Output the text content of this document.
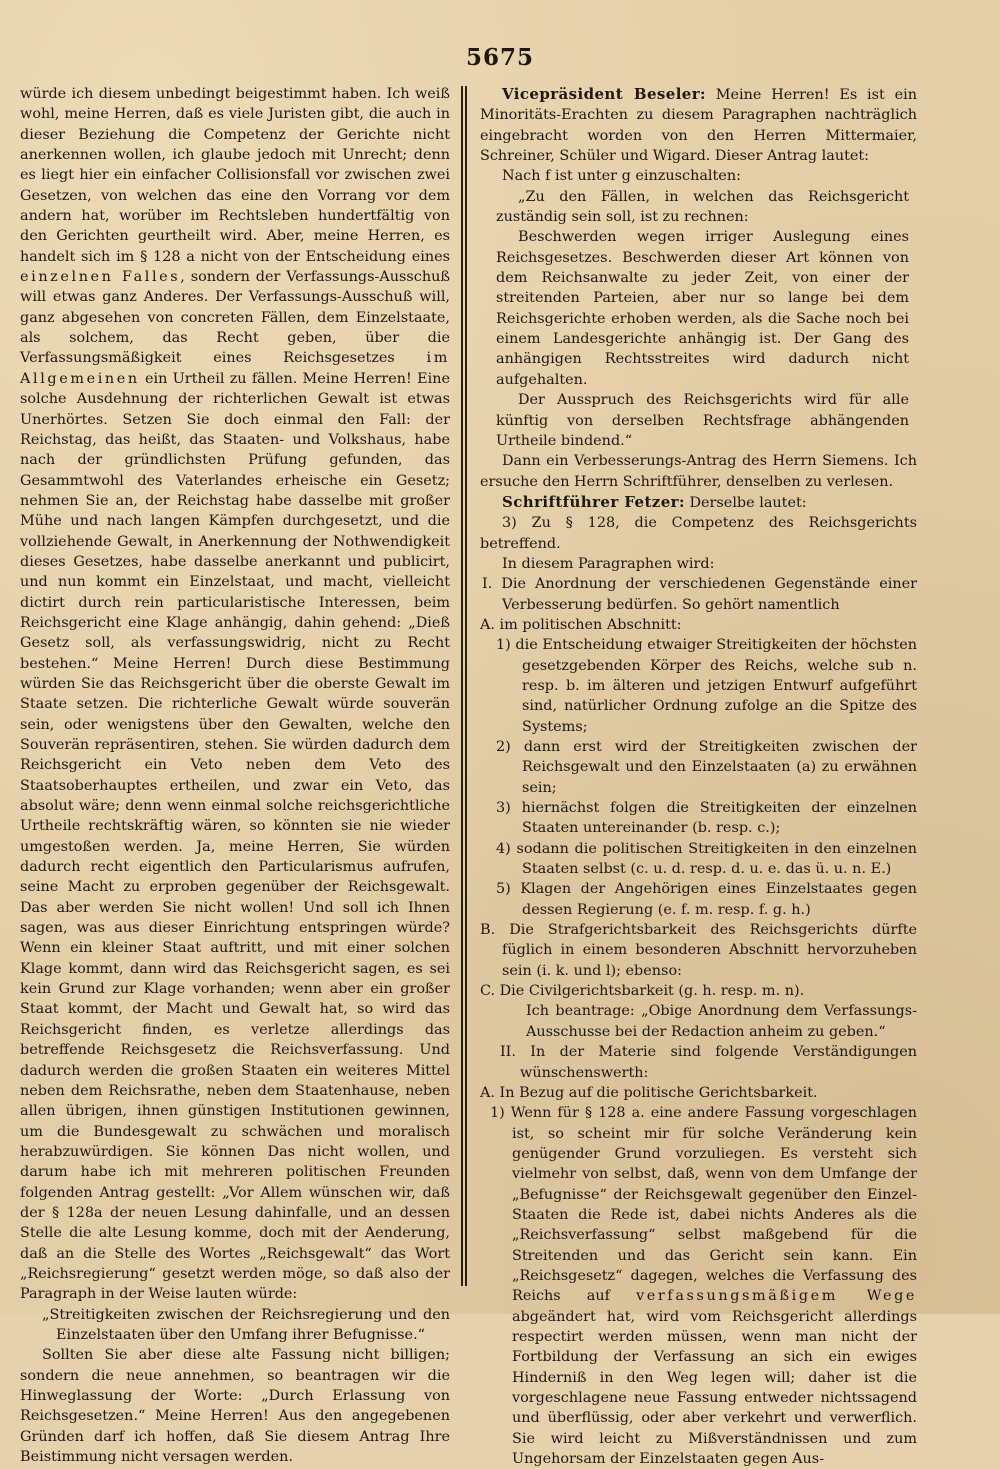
5675

würde ich diesem unbedingt beigestimmt haben. Ich weiß wohl, meine Herren, daß es viele Juristen gibt, die auch in dieser Beziehung die Competenz der Gerichte nicht anerkennen wollen, ich glaube jedoch mit Unrecht; denn es liegt hier ein einfacher Collisionsfall vor zwischen zwei Gesetzen, von welchen das eine den Vorrang vor dem andern hat, worüber im Rechtsleben hundertfältig von den Gerichten geurtheilt wird. Aber, meine Herren, es handelt sich im § 128 a nicht von der Entscheidung eines einzelnen Falles, sondern der Verfassungs-Ausschuß will etwas ganz Anderes. Der Verfassungs-Ausschuß will, ganz abgesehen von concreten Fällen, dem Einzelstaate, als solchem, das Recht geben, über die Verfassungsmäßigkeit eines Reichsgesetzes im Allgemeinen ein Urtheil zu fällen. Meine Herren! Eine solche Ausdehnung der richterlichen Gewalt ist etwas Unerhörtes. Setzen Sie doch einmal den Fall: der Reichstag, das heißt, das Staaten- und Volkshaus, habe nach der gründlichsten Prüfung gefunden, das Gesammtwohl des Vaterlandes erheische ein Gesetz; nehmen Sie an, der Reichstag habe dasselbe mit großer Mühe und nach langen Kämpfen durchgesetzt, und die vollziehende Gewalt, in Anerkennung der Nothwendigkeit dieses Gesetzes, habe dasselbe anerkannt und publicirt, und nun kommt ein Einzelstaat, und macht, vielleicht dictirt durch rein particularistische Interessen, beim Reichsgericht eine Klage anhängig, dahin gehend: „Dieß Gesetz soll, als verfassungswidrig, nicht zu Recht bestehen.“ Meine Herren! Durch diese Bestimmung würden Sie das Reichsgericht über die oberste Gewalt im Staate setzen. Die richterliche Gewalt würde souverän sein, oder wenigstens über den Gewalten, welche den Souverän repräsentiren, stehen. Sie würden dadurch dem Reichsgericht ein Veto neben dem Veto des Staatsoberhauptes ertheilen, und zwar ein Veto, das absolut wäre; denn wenn einmal solche reichsgerichtliche Urtheile rechtskräftig wären, so könnten sie nie wieder umgestoßen werden. Ja, meine Herren, Sie würden dadurch recht eigentlich den Particularismus aufrufen, seine Macht zu erproben gegenüber der Reichsgewalt. Das aber werden Sie nicht wollen! Und soll ich Ihnen sagen, was aus dieser Einrichtung entspringen würde? Wenn ein kleiner Staat auftritt, und mit einer solchen Klage kommt, dann wird das Reichsgericht sagen, es sei kein Grund zur Klage vorhanden; wenn aber ein großer Staat kommt, der Macht und Gewalt hat, so wird das Reichsgericht finden, es verletze allerdings das betreffende Reichsgesetz die Reichsverfassung. Und dadurch werden die großen Staaten ein weiteres Mittel neben dem Reichsrathe, neben dem Staatenhause, neben allen übrigen, ihnen günstigen Institutionen gewinnen, um die Bundesgewalt zu schwächen und moralisch herabzuwürdigen. Sie können Das nicht wollen, und darum habe ich mit mehreren politischen Freunden folgenden Antrag gestellt: „Vor Allem wünschen wir, daß der § 128a der neuen Lesung dahinfalle, und an dessen Stelle die alte Lesung komme, doch mit der Aenderung, daß an die Stelle des Wortes „Reichsgewalt“ das Wort „Reichsregierung“ gesetzt werden möge, so daß also der Paragraph in der Weise lauten würde:

„Streitigkeiten zwischen der Reichsregierung und den Einzelstaaten über den Umfang ihrer Befugnisse.“

Sollten Sie aber diese alte Fassung nicht billigen; sondern die neue annehmen, so beantragen wir die Hinweglassung der Worte: „Durch Erlassung von Reichsgesetzen.“ Meine Herren! Aus den angegebenen Gründen darf ich hoffen, daß Sie diesem Antrag Ihre Beistimmung nicht versagen werden.

Vicepräsident Beseler: Meine Herren! Es ist ein Minoritäts-Erachten zu diesem Paragraphen nachträglich eingebracht worden von den Herren Mittermaier, Schreiner, Schüler und Wigard. Dieser Antrag lautet:

Nach f ist unter g einzuschalten:

„Zu den Fällen, in welchen das Reichsgericht zuständig sein soll, ist zu rechnen:

Beschwerden wegen irriger Auslegung eines Reichsgesetzes. Beschwerden dieser Art können von dem Reichsanwalte zu jeder Zeit, von einer der streitenden Parteien, aber nur so lange bei dem Reichsgerichte erhoben werden, als die Sache noch bei einem Landesgerichte anhängig ist. Der Gang des anhängigen Rechtsstreites wird dadurch nicht aufgehalten.

Der Ausspruch des Reichsgerichts wird für alle künftig von derselben Rechtsfrage abhängenden Urtheile bindend.“

Dann ein Verbesserungs-Antrag des Herrn Siemens. Ich ersuche den Herrn Schriftführer, denselben zu verlesen.

Schriftführer Fetzer: Derselbe lautet:

3) Zu § 128, die Competenz des Reichsgerichts betreffend.

In diesem Paragraphen wird:

I. Die Anordnung der verschiedenen Gegenstände einer Verbesserung bedürfen. So gehört namentlich

A. im politischen Abschnitt:

1) die Entscheidung etwaiger Streitigkeiten der höchsten gesetzgebenden Körper des Reichs, welche sub n. resp. b. im älteren und jetzigen Entwurf aufgeführt sind, natürlicher Ordnung zufolge an die Spitze des Systems;

2) dann erst wird der Streitigkeiten zwischen der Reichsgewalt und den Einzelstaaten (a) zu erwähnen sein;

3) hiernächst folgen die Streitigkeiten der einzelnen Staaten untereinander (b. resp. c.);

4) sodann die politischen Streitigkeiten in den einzelnen Staaten selbst (c. u. d. resp. d. u. e. das ü. u. n. E.)

5) Klagen der Angehörigen eines Einzelstaates gegen dessen Regierung (e. f. m. resp. f. g. h.)

B. Die Strafgerichtsbarkeit des Reichsgerichts dürfte füglich in einem besonderen Abschnitt hervorzuheben sein (i. k. und l); ebenso:

C. Die Civilgerichtsbarkeit (g. h. resp. m. n).

Ich beantrage: „Obige Anordnung dem Verfassungs-Ausschusse bei der Redaction anheim zu geben.“

II. In der Materie sind folgende Verständigungen wünschenswerth:

A. In Bezug auf die politische Gerichtsbarkeit.

1) Wenn für § 128 a. eine andere Fassung vorgeschlagen ist, so scheint mir für solche Veränderung kein genügender Grund vorzuliegen. Es versteht sich vielmehr von selbst, daß, wenn von dem Umfange der „Befugnisse“ der Reichsgewalt gegenüber den Einzel-Staaten die Rede ist, dabei nichts Anderes als die „Reichsverfassung“ selbst maßgebend für die Streitenden und das Gericht sein kann. Ein „Reichsgesetz“ dagegen, welches die Verfassung des Reichs auf verfassungsmäßigem Wege abgeändert hat, wird vom Reichsgericht allerdings respectirt werden müssen, wenn man nicht der Fortbildung der Verfassung an sich ein ewiges Hinderniß in den Weg legen will; daher ist die vorgeschlagene neue Fassung entweder nichtssagend und überflüssig, oder aber verkehrt und verwerflich. Sie wird leicht zu Mißverständnissen und zum Ungehorsam der Einzelstaaten gegen Aus-
